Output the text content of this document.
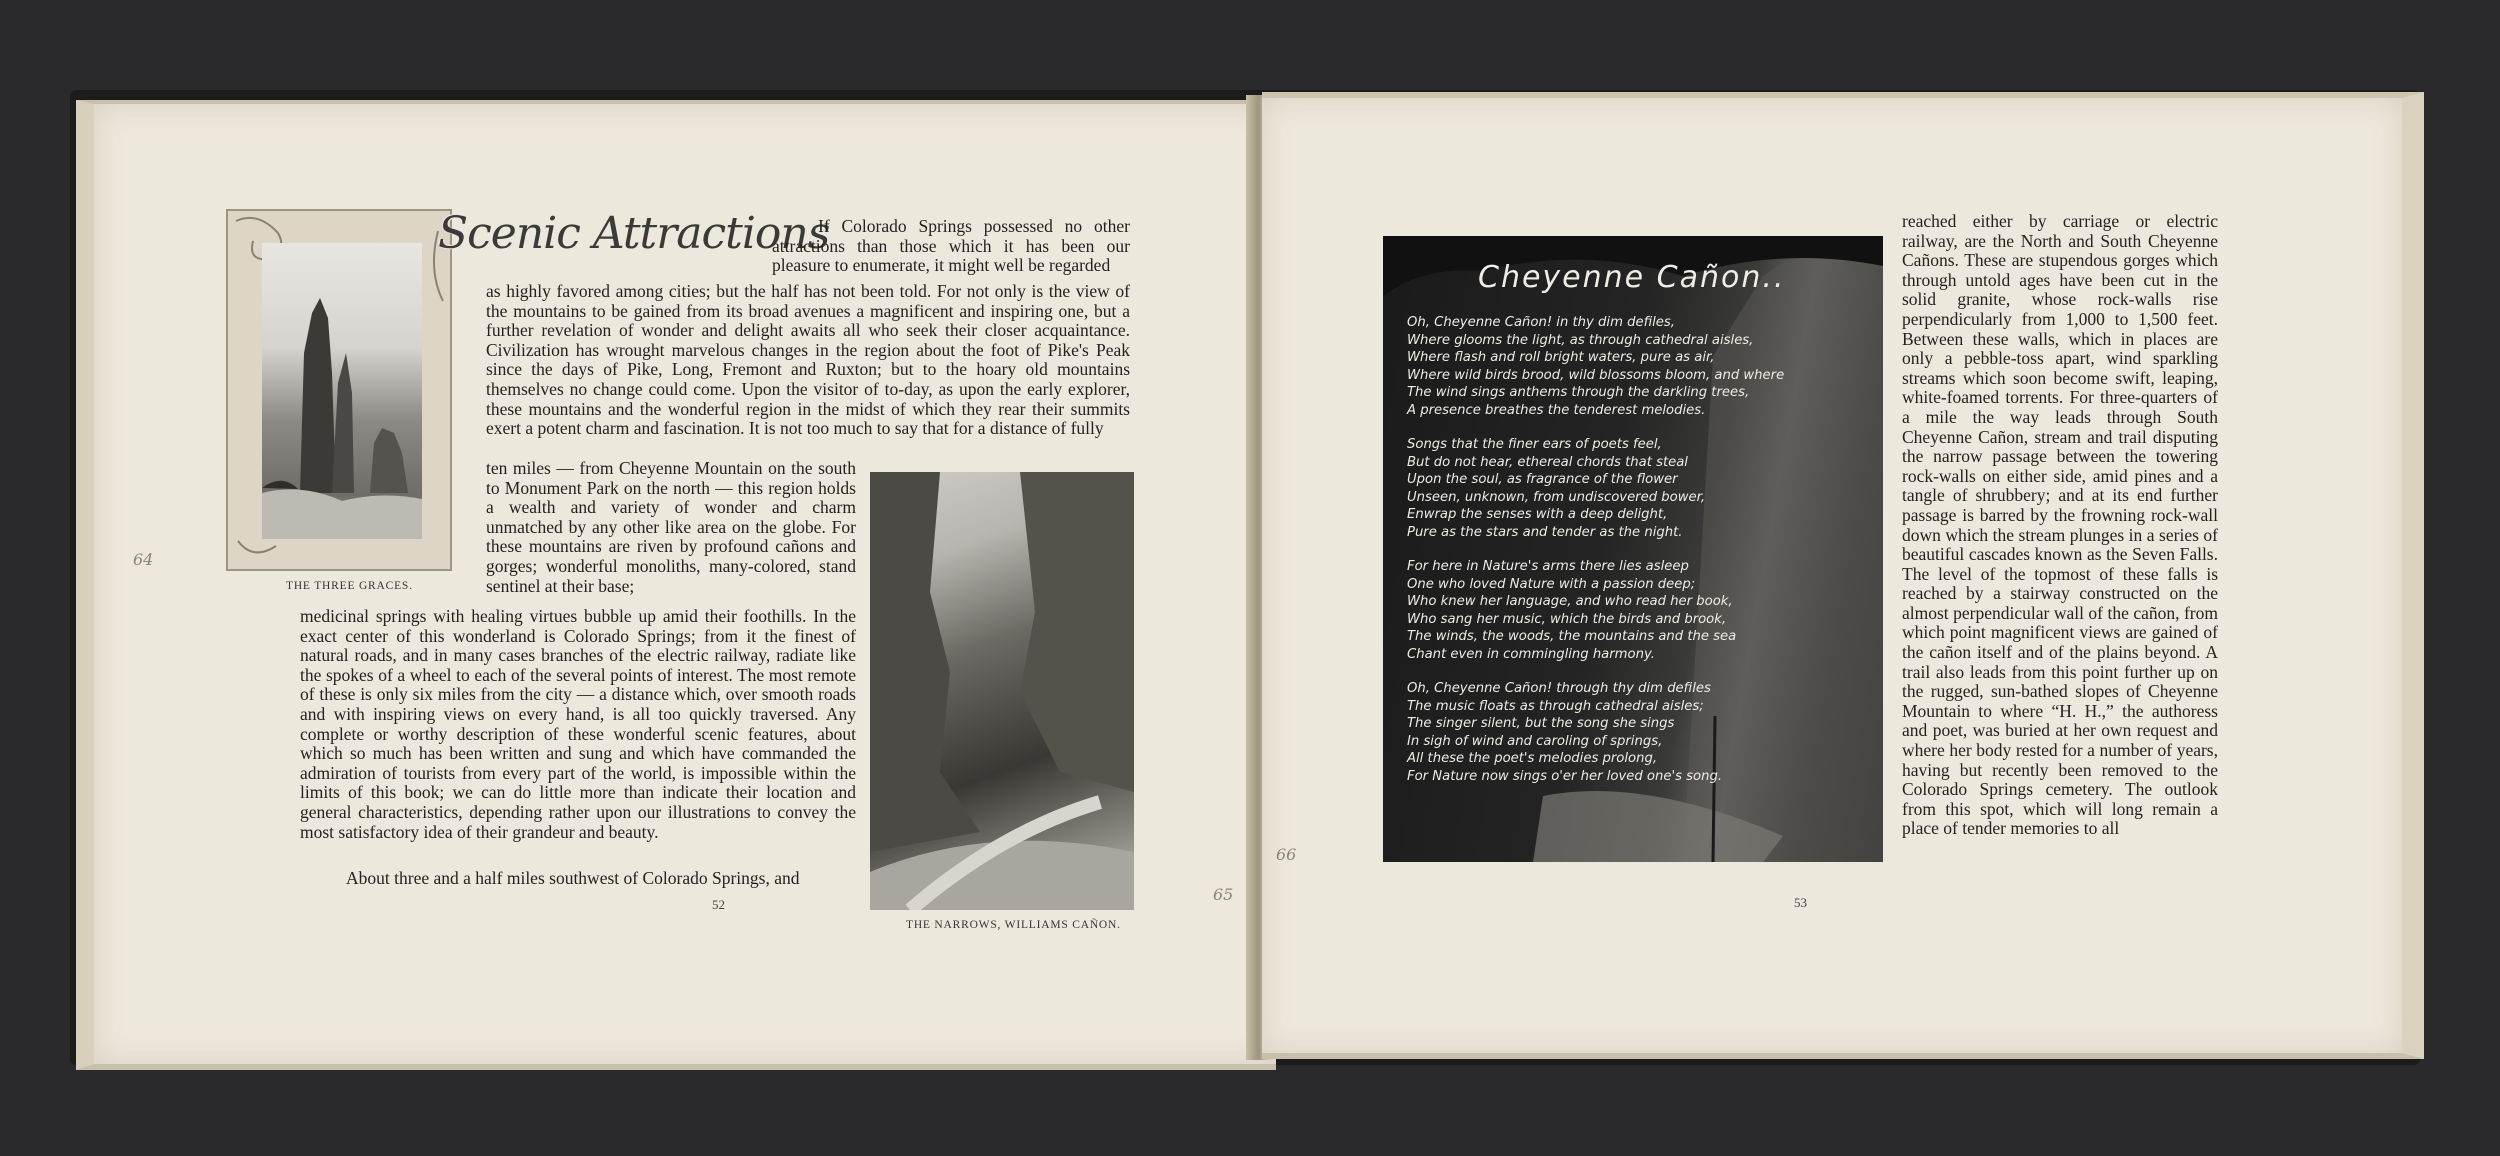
THE THREE GRACES.
Scenic Attractions

If Colorado Springs possessed no other attractions than those which it has been our pleasure to enumerate, it might well be regarded

as highly favored among cities; but the half has not been told. For not only is the view of the mountains to be gained from its broad avenues a magnificent and inspiring one, but a further revelation of wonder and delight awaits all who seek their closer acquaintance. Civilization has wrought marvelous changes in the region about the foot of Pike's Peak since the days of Pike, Long, Fremont and Ruxton; but to the hoary old mountains themselves no change could come. Upon the visitor of to-day, as upon the early explorer, these mountains and the wonderful region in the midst of which they rear their summits exert a potent charm and fascination. It is not too much to say that for a distance of fully

ten miles — from Cheyenne Mountain on the south to Monument Park on the north — this region holds a wealth and variety of wonder and charm unmatched by any other like area on the globe. For these mountains are riven by profound cañons and gorges; wonderful monoliths, many-colored, stand sentinel at their base;

THE NARROWS, WILLIAMS CAÑON.

medicinal springs with healing virtues bubble up amid their foothills. In the exact center of this wonderland is Colorado Springs; from it the finest of natural roads, and in many cases branches of the electric railway, radiate like the spokes of a wheel to each of the several points of interest. The most remote of these is only six miles from the city — a distance which, over smooth roads and with inspiring views on every hand, is all too quickly traversed. Any complete or worthy description of these wonderful scenic features, about which so much has been written and sung and which have commanded the admiration of tourists from every part of the world, is impossible within the limits of this book; we can do little more than indicate their location and general characteristics, depending rather upon our illustrations to convey the most satisfactory idea of their grandeur and beauty.

About three and a half miles southwest of Colorado Springs, and

52
64
65
Cheyenne Cañon..
Oh, Cheyenne Cañon! in thy dim defiles,
Where glooms the light, as through cathedral aisles,
Where flash and roll bright waters, pure as air,
Where wild birds brood, wild blossoms bloom, and where
The wind sings anthems through the darkling trees,
A presence breathes the tenderest melodies.
Songs that the finer ears of poets feel,
But do not hear, ethereal chords that steal
Upon the soul, as fragrance of the flower
Unseen, unknown, from undiscovered bower,
Enwrap the senses with a deep delight,
Pure as the stars and tender as the night.
For here in Nature's arms there lies asleep
One who loved Nature with a passion deep;
Who knew her language, and who read her book,
Who sang her music, which the birds and brook,
The winds, the woods, the mountains and the sea
Chant even in commingling harmony.
Oh, Cheyenne Cañon! through thy dim defiles
The music floats as through cathedral aisles;
The singer silent, but the song she sings
In sigh of wind and caroling of springs,
All these the poet's melodies prolong,
For Nature now sings o'er her loved one's song.

reached either by carriage or electric railway, are the North and South Cheyenne Cañons. These are stupendous gorges which through untold ages have been cut in the solid granite, whose rock-walls rise perpendicularly from 1,000 to 1,500 feet. Between these walls, which in places are only a pebble-toss apart, wind sparkling streams which soon become swift, leaping, white-foamed torrents. For three-quarters of a mile the way leads through South Cheyenne Cañon, stream and trail disputing the narrow passage between the towering rock-walls on either side, amid pines and a tangle of shrubbery; and at its end further passage is barred by the frowning rock-wall down which the stream plunges in a series of beautiful cascades known as the Seven Falls. The level of the topmost of these falls is reached by a stairway constructed on the almost perpendicular wall of the cañon, from which point magnificent views are gained of the cañon itself and of the plains beyond. A trail also leads from this point further up on the rugged, sun-bathed slopes of Cheyenne Mountain to where “H. H.,” the authoress and poet, was buried at her own request and where her body rested for a number of years, having but recently been removed to the Colorado Springs cemetery. The outlook from this spot, which will long remain a place of tender memories to all

53
66
